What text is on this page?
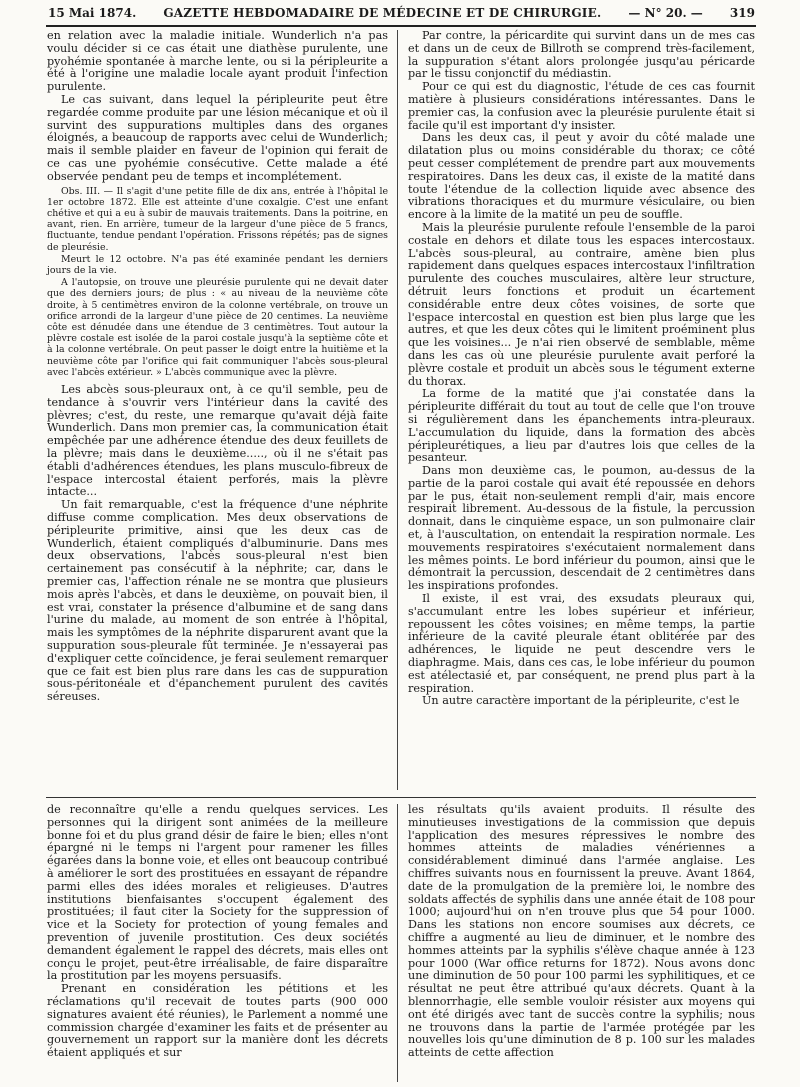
15 Mai 1874. GAZETTE HEBDOMADAIRE DE MÉDECINE ET DE CHIRURGIE. — N° 20. — 319

en relation avec la maladie initiale. Wunderlich n'a pas voulu décider si ce cas était une diathèse purulente, une pyohémie spontanée à marche lente, ou si la péripleurite a été à l'origine une maladie locale ayant produit l'infection purulente.

Le cas suivant, dans lequel la péripleurite peut être regardée comme produite par une lésion mécanique et où il survint des suppurations multiples dans des organes éloignés, a beaucoup de rapports avec celui de Wunderlich; mais il semble plaider en faveur de l'opinion qui ferait de ce cas une pyohémie consécutive. Cette malade a été observée pendant peu de temps et incomplétement.

Obs. III. — Il s'agit d'une petite fille de dix ans, entrée à l'hôpital le 1er octobre 1872. Elle est atteinte d'une coxalgie. C'est une enfant chétive et qui a eu à subir de mauvais traitements. Dans la poitrine, en avant, rien. En arrière, tumeur de la largeur d'une pièce de 5 francs, fluctuante, tendue pendant l'opération. Frissons répétés; pas de signes de pleurésie.

Meurt le 12 octobre. N'a pas été examinée pendant les derniers jours de la vie.

A l'autopsie, on trouve une pleurésie purulente qui ne devait dater que des derniers jours; de plus : « au niveau de la neuvième côte droite, à 5 centimètres environ de la colonne vertébrale, on trouve un orifice arrondi de la largeur d'une pièce de 20 centimes. La neuvième côte est dénudée dans une étendue de 3 centimètres. Tout autour la plèvre costale est isolée de la paroi costale jusqu'à la septième côte et à la colonne vertébrale. On peut passer le doigt entre la huitième et la neuvième côte par l'orifice qui fait communiquer l'abcès sous-pleural avec l'abcès extérieur. » L'abcès communique avec la plèvre.

Les abcès sous-pleuraux ont, à ce qu'il semble, peu de tendance à s'ouvrir vers l'intérieur dans la cavité des plèvres; c'est, du reste, une remarque qu'avait déjà faite Wunderlich. Dans mon premier cas, la communication était empêchée par une adhérence étendue des deux feuillets de la plèvre; mais dans le deuxième....., où il ne s'était pas établi d'adhérences étendues, les plans musculo-fibreux de l'espace intercostal étaient perforés, mais la plèvre intacte...

Un fait remarquable, c'est la fréquence d'une néphrite diffuse comme complication. Mes deux observations de péripleurite primitive, ainsi que les deux cas de Wunderlich, étaient compliqués d'albuminurie. Dans mes deux observations, l'abcès sous-pleural n'est bien certainement pas consécutif à la néphrite; car, dans le premier cas, l'affection rénale ne se montra que plusieurs mois après l'abcès, et dans le deuxième, on pouvait bien, il est vrai, constater la présence d'albumine et de sang dans l'urine du malade, au moment de son entrée à l'hôpital, mais les symptômes de la néphrite disparurent avant que la suppuration sous-pleurale fût terminée. Je n'essayerai pas d'expliquer cette coïncidence, je ferai seulement remarquer que ce fait est bien plus rare dans les cas de suppuration sous-péritonéale et d'épanchement purulent des cavités séreuses.

Par contre, la péricardite qui survint dans un de mes cas et dans un de ceux de Billroth se comprend très-facilement, la suppuration s'étant alors prolongée jusqu'au péricarde par le tissu conjonctif du médiastin.

Pour ce qui est du diagnostic, l'étude de ces cas fournit matière à plusieurs considérations intéressantes. Dans le premier cas, la confusion avec la pleurésie purulente était si facile qu'il est important d'y insister.

Dans les deux cas, il peut y avoir du côté malade une dilatation plus ou moins considérable du thorax; ce côté peut cesser complétement de prendre part aux mouvements respiratoires. Dans les deux cas, il existe de la matité dans toute l'étendue de la collection liquide avec absence des vibrations thoraciques et du murmure vésiculaire, ou bien encore à la limite de la matité un peu de souffle.

Mais la pleurésie purulente refoule l'ensemble de la paroi costale en dehors et dilate tous les espaces intercostaux. L'abcès sous-pleural, au contraire, amène bien plus rapidement dans quelques espaces intercostaux l'infiltration purulente des couches musculaires, altère leur structure, détruit leurs fonctions et produit un écartement considérable entre deux côtes voisines, de sorte que l'espace intercostal en question est bien plus large que les autres, et que les deux côtes qui le limitent proéminent plus que les voisines... Je n'ai rien observé de semblable, même dans les cas où une pleurésie purulente avait perforé la plèvre costale et produit un abcès sous le tégument externe du thorax.

La forme de la matité que j'ai constatée dans la péripleurite différait du tout au tout de celle que l'on trouve si régulièrement dans les épanchements intra-pleuraux. L'accumulation du liquide, dans la formation des abcès péripleurétiques, a lieu par d'autres lois que celles de la pesanteur.

Dans mon deuxième cas, le poumon, au-dessus de la partie de la paroi costale qui avait été repoussée en dehors par le pus, était non-seulement rempli d'air, mais encore respirait librement. Au-dessous de la fistule, la percussion donnait, dans le cinquième espace, un son pulmonaire clair et, à l'auscultation, on entendait la respiration normale. Les mouvements respiratoires s'exécutaient normalement dans les mêmes points. Le bord inférieur du poumon, ainsi que le démontrait la percussion, descendait de 2 centimètres dans les inspirations profondes.

Il existe, il est vrai, des exsudats pleuraux qui, s'accumulant entre les lobes supérieur et inférieur, repoussent les côtes voisines; en même temps, la partie inférieure de la cavité pleurale étant oblitérée par des adhérences, le liquide ne peut descendre vers le diaphragme. Mais, dans ces cas, le lobe inférieur du poumon est atélectasié et, par conséquent, ne prend plus part à la respiration.

Un autre caractère important de la péripleurite, c'est le

de reconnaître qu'elle a rendu quelques services. Les personnes qui la dirigent sont animées de la meilleure bonne foi et du plus grand désir de faire le bien; elles n'ont épargné ni le temps ni l'argent pour ramener les filles égarées dans la bonne voie, et elles ont beaucoup contribué à améliorer le sort des prostituées en essayant de répandre parmi elles des idées morales et religieuses. D'autres institutions bienfaisantes s'occupent également des prostituées; il faut citer la Society for the suppression of vice et la Society for protection of young females and prevention of juvenile prostitution. Ces deux sociétés demandent également le rappel des décrets, mais elles ont conçu le projet, peut-être irréalisable, de faire disparaître la prostitution par les moyens persuasifs.

Prenant en considération les pétitions et les réclamations qu'il recevait de toutes parts (900 000 signatures avaient été réunies), le Parlement a nommé une commission chargée d'examiner les faits et de présenter au gouvernement un rapport sur la manière dont les décrets étaient appliqués et sur

les résultats qu'ils avaient produits. Il résulte des minutieuses investigations de la commission que depuis l'application des mesures répressives le nombre des hommes atteints de maladies vénériennes a considérablement diminué dans l'armée anglaise. Les chiffres suivants nous en fournissent la preuve. Avant 1864, date de la promulgation de la première loi, le nombre des soldats affectés de syphilis dans une année était de 108 pour 1000; aujourd'hui on n'en trouve plus que 54 pour 1000. Dans les stations non encore soumises aux décrets, ce chiffre a augmenté au lieu de diminuer, et le nombre des hommes atteints par la syphilis s'élève chaque année à 123 pour 1000 (War office returns for 1872). Nous avons donc une diminution de 50 pour 100 parmi les syphilitiques, et ce résultat ne peut être attribué qu'aux décrets. Quant à la blennorrhagie, elle semble vouloir résister aux moyens qui ont été dirigés avec tant de succès contre la syphilis; nous ne trouvons dans la partie de l'armée protégée par les nouvelles lois qu'une diminution de 8 p. 100 sur les malades atteints de cette affection
